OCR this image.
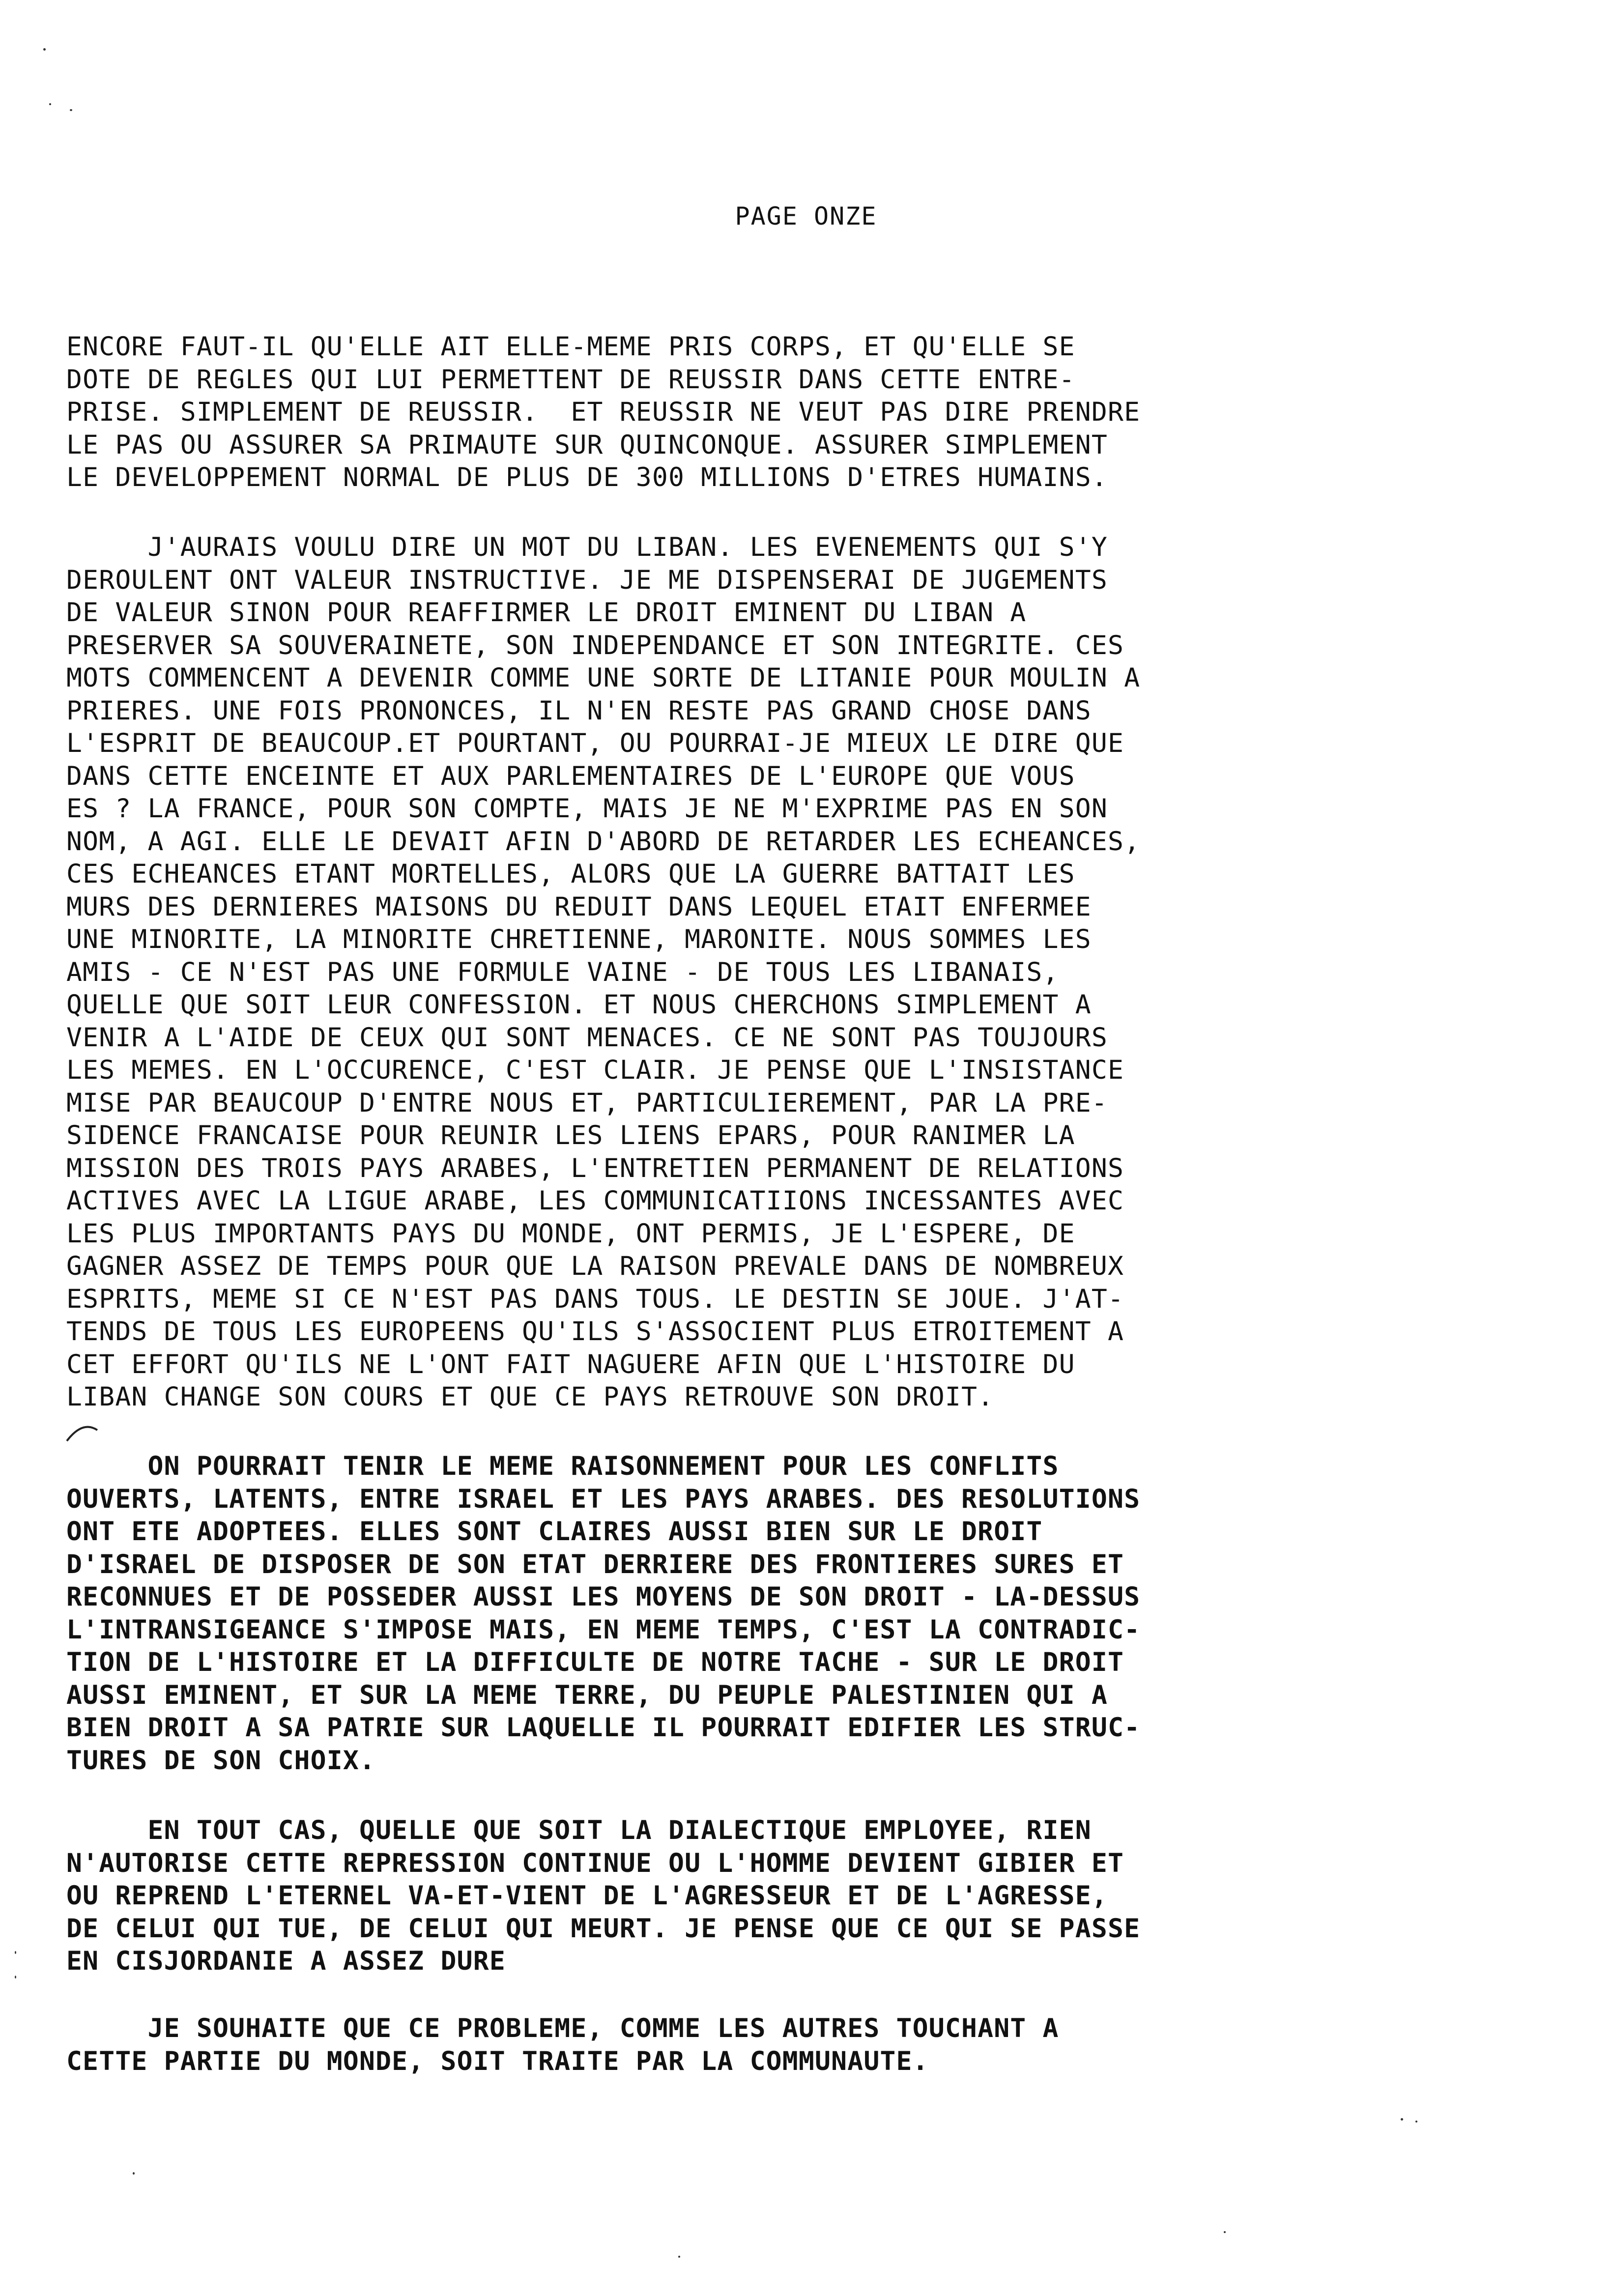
PAGE ONZE
ENCORE FAUT-IL QU'ELLE AIT ELLE-MEME PRIS CORPS, ET QU'ELLE SE
DOTE DE REGLES QUI LUI PERMETTENT DE REUSSIR DANS CETTE ENTRE-
PRISE. SIMPLEMENT DE REUSSIR.  ET REUSSIR NE VEUT PAS DIRE PRENDRE
LE PAS OU ASSURER SA PRIMAUTE SUR QUINCONQUE. ASSURER SIMPLEMENT
LE DEVELOPPEMENT NORMAL DE PLUS DE 300 MILLIONS D'ETRES HUMAINS.
J'AURAIS VOULU DIRE UN MOT DU LIBAN. LES EVENEMENTS QUI S'Y
DEROULENT ONT VALEUR INSTRUCTIVE. JE ME DISPENSERAI DE JUGEMENTS
DE VALEUR SINON POUR REAFFIRMER LE DROIT EMINENT DU LIBAN A
PRESERVER SA SOUVERAINETE, SON INDEPENDANCE ET SON INTEGRITE. CES
MOTS COMMENCENT A DEVENIR COMME UNE SORTE DE LITANIE POUR MOULIN A
PRIERES. UNE FOIS PRONONCES, IL N'EN RESTE PAS GRAND CHOSE DANS
L'ESPRIT DE BEAUCOUP.ET POURTANT, OU POURRAI-JE MIEUX LE DIRE QUE
DANS CETTE ENCEINTE ET AUX PARLEMENTAIRES DE L'EUROPE QUE VOUS
ES ? LA FRANCE, POUR SON COMPTE, MAIS JE NE M'EXPRIME PAS EN SON
NOM, A AGI. ELLE LE DEVAIT AFIN D'ABORD DE RETARDER LES ECHEANCES,
CES ECHEANCES ETANT MORTELLES, ALORS QUE LA GUERRE BATTAIT LES
MURS DES DERNIERES MAISONS DU REDUIT DANS LEQUEL ETAIT ENFERMEE
UNE MINORITE, LA MINORITE CHRETIENNE, MARONITE. NOUS SOMMES LES
AMIS - CE N'EST PAS UNE FORMULE VAINE - DE TOUS LES LIBANAIS,
QUELLE QUE SOIT LEUR CONFESSION. ET NOUS CHERCHONS SIMPLEMENT A
VENIR A L'AIDE DE CEUX QUI SONT MENACES. CE NE SONT PAS TOUJOURS
LES MEMES. EN L'OCCURENCE, C'EST CLAIR. JE PENSE QUE L'INSISTANCE
MISE PAR BEAUCOUP D'ENTRE NOUS ET, PARTICULIEREMENT, PAR LA PRE-
SIDENCE FRANCAISE POUR REUNIR LES LIENS EPARS, POUR RANIMER LA
MISSION DES TROIS PAYS ARABES, L'ENTRETIEN PERMANENT DE RELATIONS
ACTIVES AVEC LA LIGUE ARABE, LES COMMUNICATIIONS INCESSANTES AVEC
LES PLUS IMPORTANTS PAYS DU MONDE, ONT PERMIS, JE L'ESPERE, DE
GAGNER ASSEZ DE TEMPS POUR QUE LA RAISON PREVALE DANS DE NOMBREUX
ESPRITS, MEME SI CE N'EST PAS DANS TOUS. LE DESTIN SE JOUE. J'AT-
TENDS DE TOUS LES EUROPEENS QU'ILS S'ASSOCIENT PLUS ETROITEMENT A
CET EFFORT QU'ILS NE L'ONT FAIT NAGUERE AFIN QUE L'HISTOIRE DU
LIBAN CHANGE SON COURS ET QUE CE PAYS RETROUVE SON DROIT.
ON POURRAIT TENIR LE MEME RAISONNEMENT POUR LES CONFLITS
OUVERTS, LATENTS, ENTRE ISRAEL ET LES PAYS ARABES. DES RESOLUTIONS
ONT ETE ADOPTEES. ELLES SONT CLAIRES AUSSI BIEN SUR LE DROIT
D'ISRAEL DE DISPOSER DE SON ETAT DERRIERE DES FRONTIERES SURES ET
RECONNUES ET DE POSSEDER AUSSI LES MOYENS DE SON DROIT - LA-DESSUS
L'INTRANSIGEANCE S'IMPOSE MAIS, EN MEME TEMPS, C'EST LA CONTRADIC-
TION DE L'HISTOIRE ET LA DIFFICULTE DE NOTRE TACHE - SUR LE DROIT
AUSSI EMINENT, ET SUR LA MEME TERRE, DU PEUPLE PALESTINIEN QUI A
BIEN DROIT A SA PATRIE SUR LAQUELLE IL POURRAIT EDIFIER LES STRUC-
TURES DE SON CHOIX.
EN TOUT CAS, QUELLE QUE SOIT LA DIALECTIQUE EMPLOYEE, RIEN
N'AUTORISE CETTE REPRESSION CONTINUE OU L'HOMME DEVIENT GIBIER ET
OU REPREND L'ETERNEL VA-ET-VIENT DE L'AGRESSEUR ET DE L'AGRESSE,
DE CELUI QUI TUE, DE CELUI QUI MEURT. JE PENSE QUE CE QUI SE PASSE
EN CISJORDANIE A ASSEZ DURE
JE SOUHAITE QUE CE PROBLEME, COMME LES AUTRES TOUCHANT A
CETTE PARTIE DU MONDE, SOIT TRAITE PAR LA COMMUNAUTE.
